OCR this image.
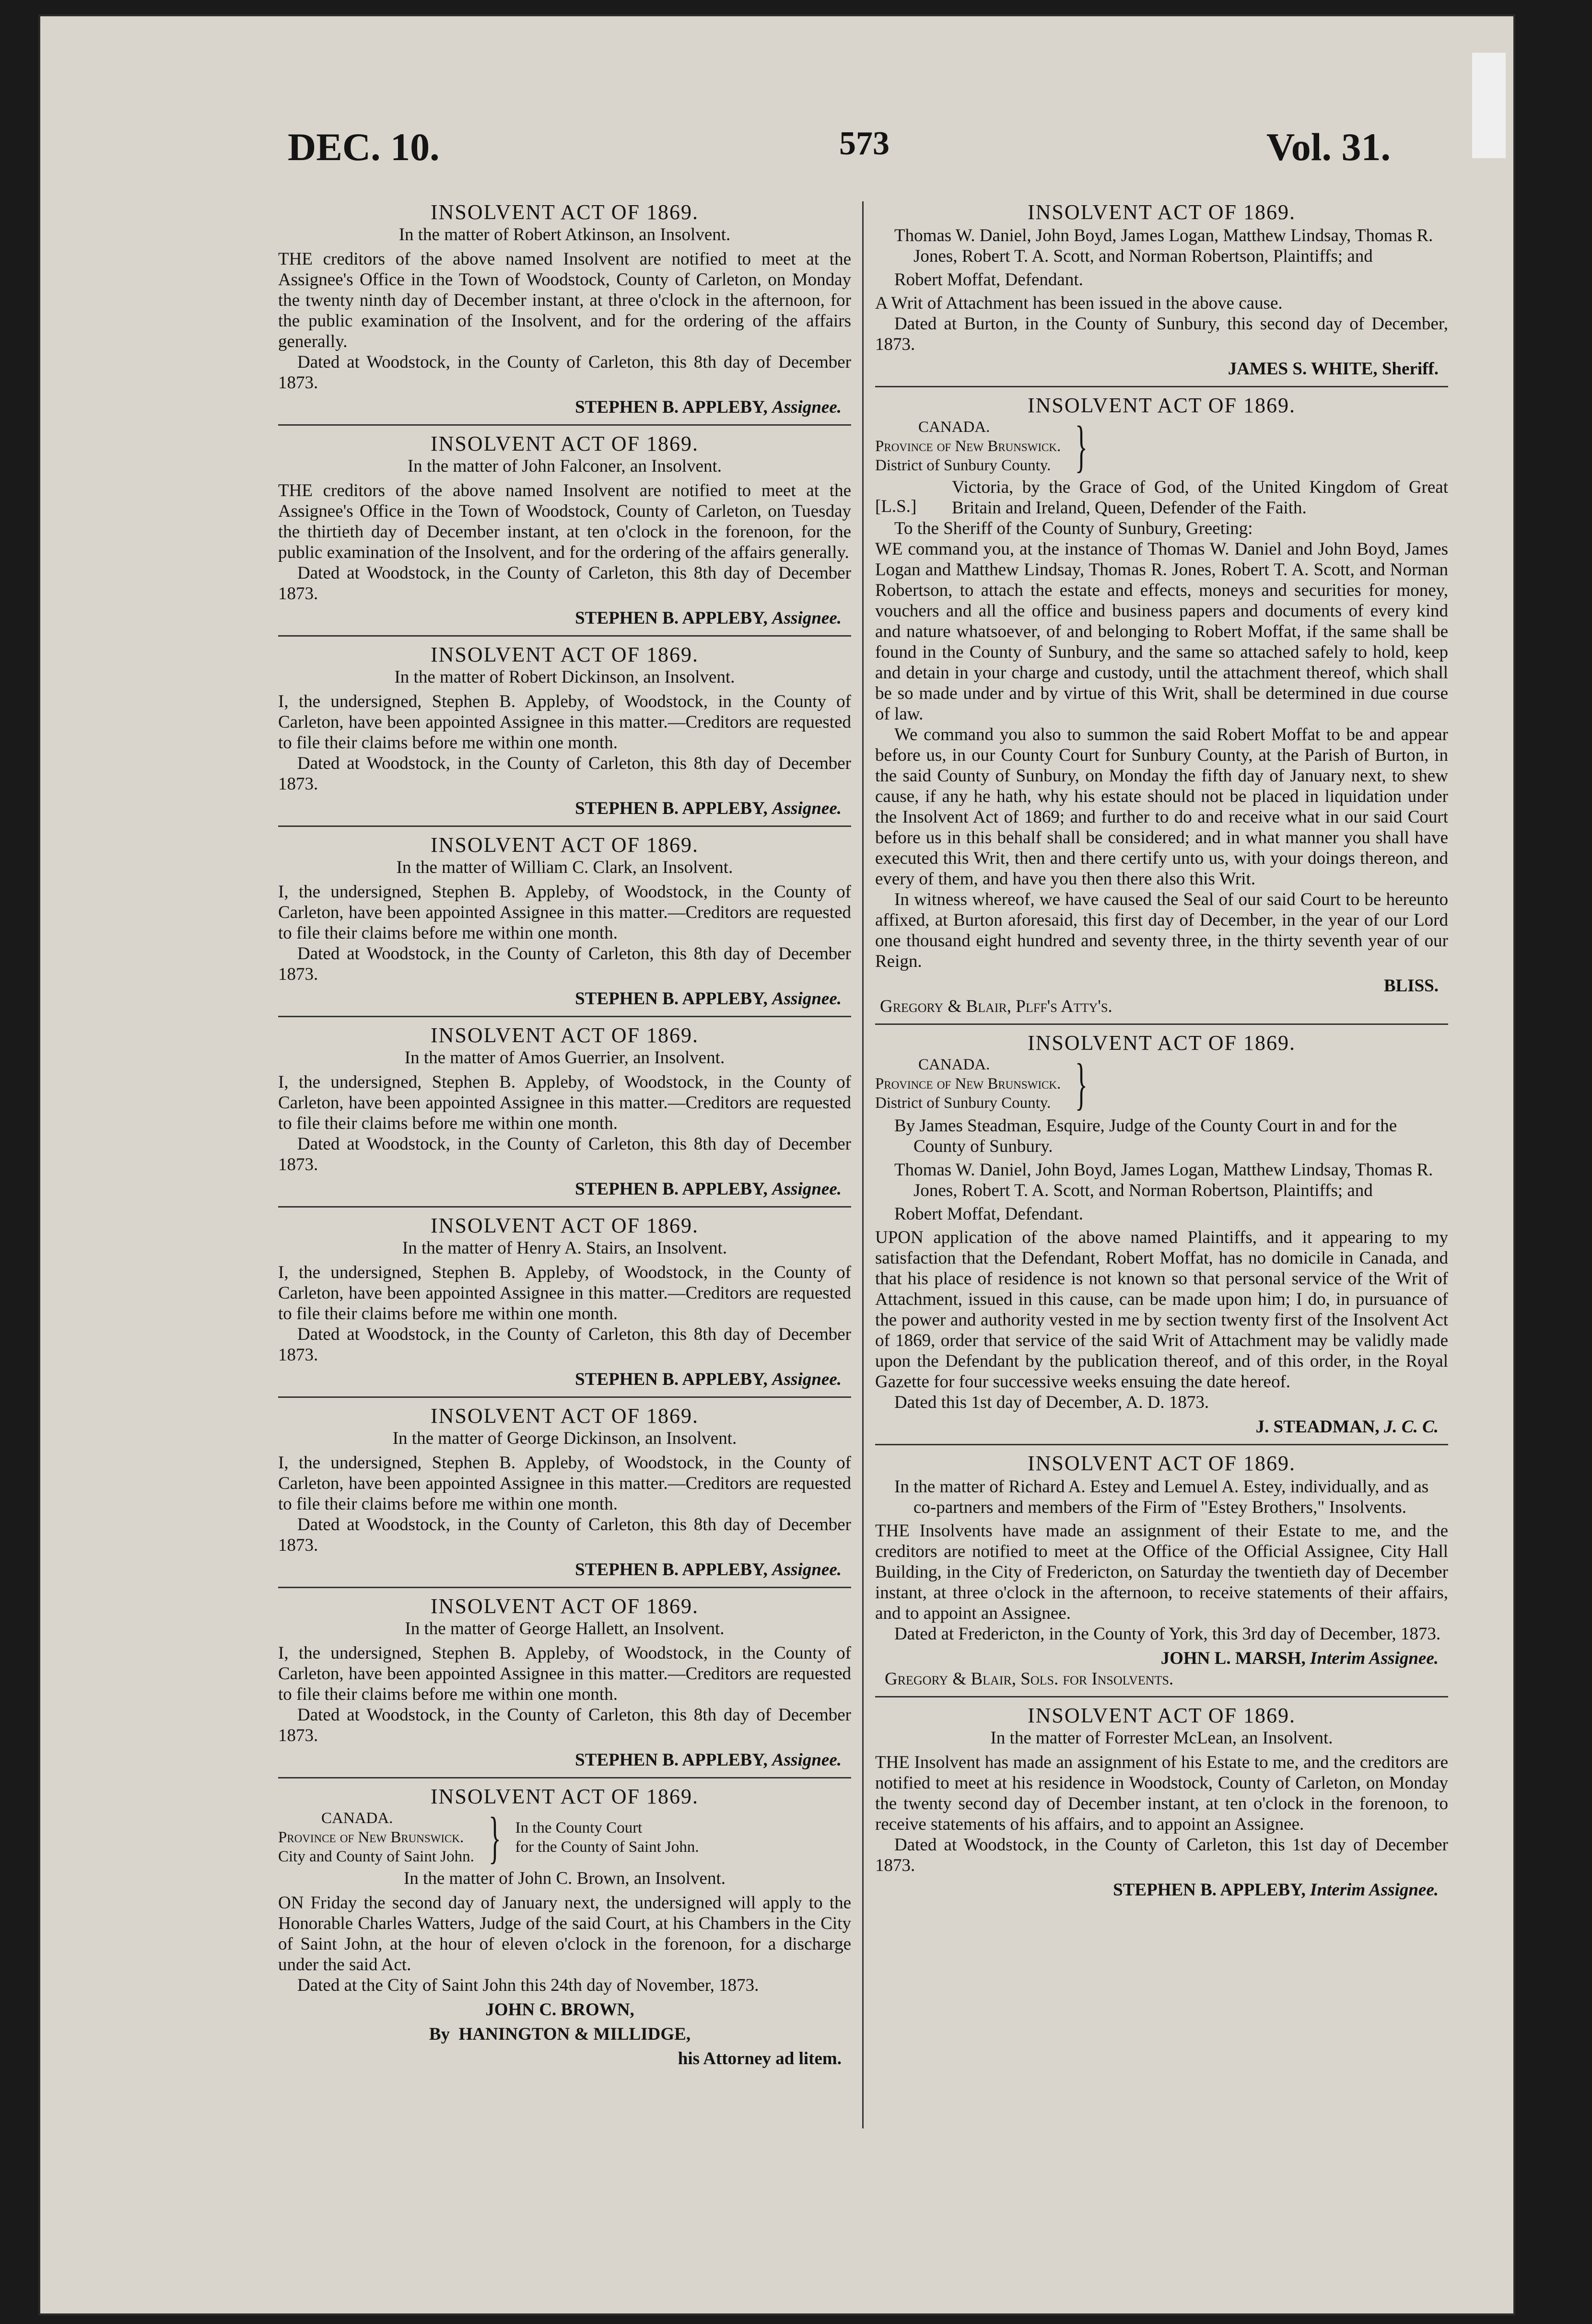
DEC. 10.	573	Vol. 31.
INSOLVENT ACT OF 1869.
In the matter of Robert Atkinson, an Insolvent.

THE creditors of the above named Insolvent are notified to meet at the Assignee's Office in the Town of Woodstock, County of Carleton, on Monday the twenty ninth day of December instant, at three o'clock in the afternoon, for the public examination of the Insolvent, and for the ordering of the affairs generally.

Dated at Woodstock, in the County of Carleton, this 8th day of December 1873.

STEPHEN B. APPLEBY, Assignee.
INSOLVENT ACT OF 1869.
In the matter of John Falconer, an Insolvent.

THE creditors of the above named Insolvent are notified to meet at the Assignee's Office in the Town of Woodstock, County of Carleton, on Tuesday the thirtieth day of December instant, at ten o'clock in the forenoon, for the public examination of the Insolvent, and for the ordering of the affairs generally.

Dated at Woodstock, in the County of Carleton, this 8th day of December 1873.

STEPHEN B. APPLEBY, Assignee.
INSOLVENT ACT OF 1869.
In the matter of Robert Dickinson, an Insolvent.

I, the undersigned, Stephen B. Appleby, of Woodstock, in the County of Carleton, have been appointed Assignee in this matter.—Creditors are requested to file their claims before me within one month.

Dated at Woodstock, in the County of Carleton, this 8th day of December 1873.

STEPHEN B. APPLEBY, Assignee.
INSOLVENT ACT OF 1869.
In the matter of William C. Clark, an Insolvent.

I, the undersigned, Stephen B. Appleby, of Woodstock, in the County of Carleton, have been appointed Assignee in this matter.—Creditors are requested to file their claims before me within one month.

Dated at Woodstock, in the County of Carleton, this 8th day of December 1873.

STEPHEN B. APPLEBY, Assignee.
INSOLVENT ACT OF 1869.
In the matter of Amos Guerrier, an Insolvent.

I, the undersigned, Stephen B. Appleby, of Woodstock, in the County of Carleton, have been appointed Assignee in this matter.—Creditors are requested to file their claims before me within one month.

Dated at Woodstock, in the County of Carleton, this 8th day of December 1873.

STEPHEN B. APPLEBY, Assignee.
INSOLVENT ACT OF 1869.
In the matter of Henry A. Stairs, an Insolvent.

I, the undersigned, Stephen B. Appleby, of Woodstock, in the County of Carleton, have been appointed Assignee in this matter.—Creditors are requested to file their claims before me within one month.

Dated at Woodstock, in the County of Carleton, this 8th day of December 1873.

STEPHEN B. APPLEBY, Assignee.
INSOLVENT ACT OF 1869.
In the matter of George Dickinson, an Insolvent.

I, the undersigned, Stephen B. Appleby, of Woodstock, in the County of Carleton, have been appointed Assignee in this matter.—Creditors are requested to file their claims before me within one month.

Dated at Woodstock, in the County of Carleton, this 8th day of December 1873.

STEPHEN B. APPLEBY, Assignee.
INSOLVENT ACT OF 1869.
In the matter of George Hallett, an Insolvent.

I, the undersigned, Stephen B. Appleby, of Woodstock, in the County of Carleton, have been appointed Assignee in this matter.—Creditors are requested to file their claims before me within one month.

Dated at Woodstock, in the County of Carleton, this 8th day of December 1873.

STEPHEN B. APPLEBY, Assignee.
INSOLVENT ACT OF 1869.
CANADA.
Province of New Brunswick.
City and County of Saint John. } In the County Court
for the County of Saint John.
In the matter of John C. Brown, an Insolvent.

ON Friday the second day of January next, the undersigned will apply to the Honorable Charles Watters, Judge of the said Court, at his Chambers in the City of Saint John, at the hour of eleven o'clock in the forenoon, for a discharge under the said Act.

Dated at the City of Saint John this 24th day of November, 1873.

JOHN C. BROWN,
By HANINGTON & MILLIDGE,
his Attorney ad litem.
INSOLVENT ACT OF 1869.

Thomas W. Daniel, John Boyd, James Logan, Matthew Lindsay, Thomas R. Jones, Robert T. A. Scott, and Norman Robertson, Plaintiffs; and

Robert Moffat, Defendant.

A Writ of Attachment has been issued in the above cause.

Dated at Burton, in the County of Sunbury, this second day of December, 1873.

JAMES S. WHITE, Sheriff.
INSOLVENT ACT OF 1869.
CANADA.
Province of New Brunswick.
District of Sunbury County. }
[L.S.]
Victoria, by the Grace of God, of the United Kingdom of Great Britain and Ireland, Queen, Defender of the Faith.

To the Sheriff of the County of Sunbury, Greeting:

WE command you, at the instance of Thomas W. Daniel and John Boyd, James Logan and Matthew Lindsay, Thomas R. Jones, Robert T. A. Scott, and Norman Robertson, to attach the estate and effects, moneys and securities for money, vouchers and all the office and business papers and documents of every kind and nature whatsoever, of and belonging to Robert Moffat, if the same shall be found in the County of Sunbury, and the same so attached safely to hold, keep and detain in your charge and custody, until the attachment thereof, which shall be so made under and by virtue of this Writ, shall be determined in due course of law.

We command you also to summon the said Robert Moffat to be and appear before us, in our County Court for Sunbury County, at the Parish of Burton, in the said County of Sunbury, on Monday the fifth day of January next, to shew cause, if any he hath, why his estate should not be placed in liquidation under the Insolvent Act of 1869; and further to do and receive what in our said Court before us in this behalf shall be considered; and in what manner you shall have executed this Writ, then and there certify unto us, with your doings thereon, and every of them, and have you then there also this Writ.

In witness whereof, we have caused the Seal of our said Court to be hereunto affixed, at Burton aforesaid, this first day of December, in the year of our Lord one thousand eight hundred and seventy three, in the thirty seventh year of our Reign.

BLISS.
Gregory & Blair, Plff's Atty's.
INSOLVENT ACT OF 1869.
CANADA.
Province of New Brunswick.
District of Sunbury County. }

By James Steadman, Esquire, Judge of the County Court in and for the County of Sunbury.

Thomas W. Daniel, John Boyd, James Logan, Matthew Lindsay, Thomas R. Jones, Robert T. A. Scott, and Norman Robertson, Plaintiffs; and

Robert Moffat, Defendant.

UPON application of the above named Plaintiffs, and it appearing to my satisfaction that the Defendant, Robert Moffat, has no domicile in Canada, and that his place of residence is not known so that personal service of the Writ of Attachment, issued in this cause, can be made upon him; I do, in pursuance of the power and authority vested in me by section twenty first of the Insolvent Act of 1869, order that service of the said Writ of Attachment may be validly made upon the Defendant by the publication thereof, and of this order, in the Royal Gazette for four successive weeks ensuing the date hereof.

Dated this 1st day of December, A. D. 1873.

J. STEADMAN, J. C. C.
INSOLVENT ACT OF 1869.

In the matter of Richard A. Estey and Lemuel A. Estey, individually, and as co-partners and members of the Firm of "Estey Brothers," Insolvents.

THE Insolvents have made an assignment of their Estate to me, and the creditors are notified to meet at the Office of the Official Assignee, City Hall Building, in the City of Fredericton, on Saturday the twentieth day of December instant, at three o'clock in the afternoon, to receive statements of their affairs, and to appoint an Assignee.

Dated at Fredericton, in the County of York, this 3rd day of December, 1873.

JOHN L. MARSH, Interim Assignee.
Gregory & Blair, Sols. for Insolvents.
INSOLVENT ACT OF 1869.
In the matter of Forrester McLean, an Insolvent.

THE Insolvent has made an assignment of his Estate to me, and the creditors are notified to meet at his residence in Woodstock, County of Carleton, on Monday the twenty second day of December instant, at ten o'clock in the forenoon, to receive statements of his affairs, and to appoint an Assignee.

Dated at Woodstock, in the County of Carleton, this 1st day of December 1873.

STEPHEN B. APPLEBY, Interim Assignee.
